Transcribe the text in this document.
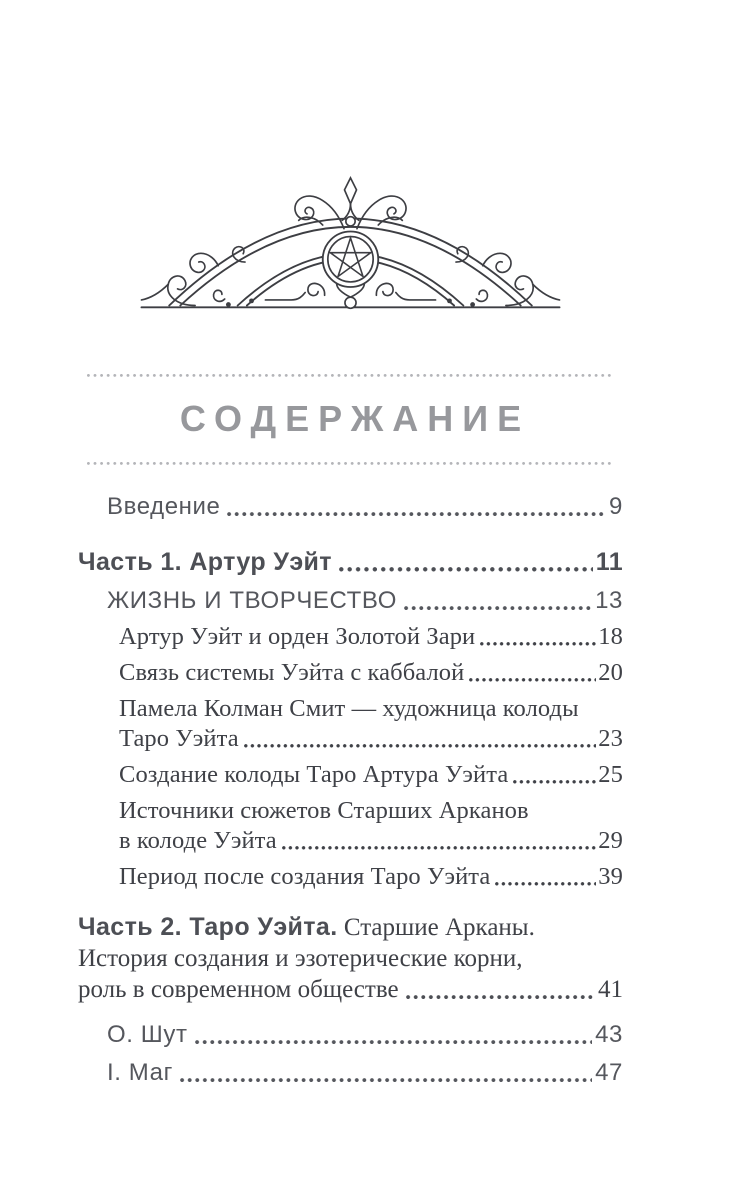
СОДЕРЖАНИЕ
Введение	9
Часть 1. Артур Уэйт	11
ЖИЗНЬ И ТВОРЧЕСТВО	13
Артур Уэйт и орден Золотой Зари	18
Связь системы Уэйта с каббалой	20
Памела Колман Смит — художница колоды
Таро Уэйта	23
Создание колоды Таро Артура Уэйта	25
Источники сюжетов Старших Арканов
в колоде Уэйта	29
Период после создания Таро Уэйта	39
Часть 2. Таро Уэйта. Старшие Арканы.
История создания и эзотерические корни,
роль в современном обществе	41
О. Шут	43
I. Маг	47
